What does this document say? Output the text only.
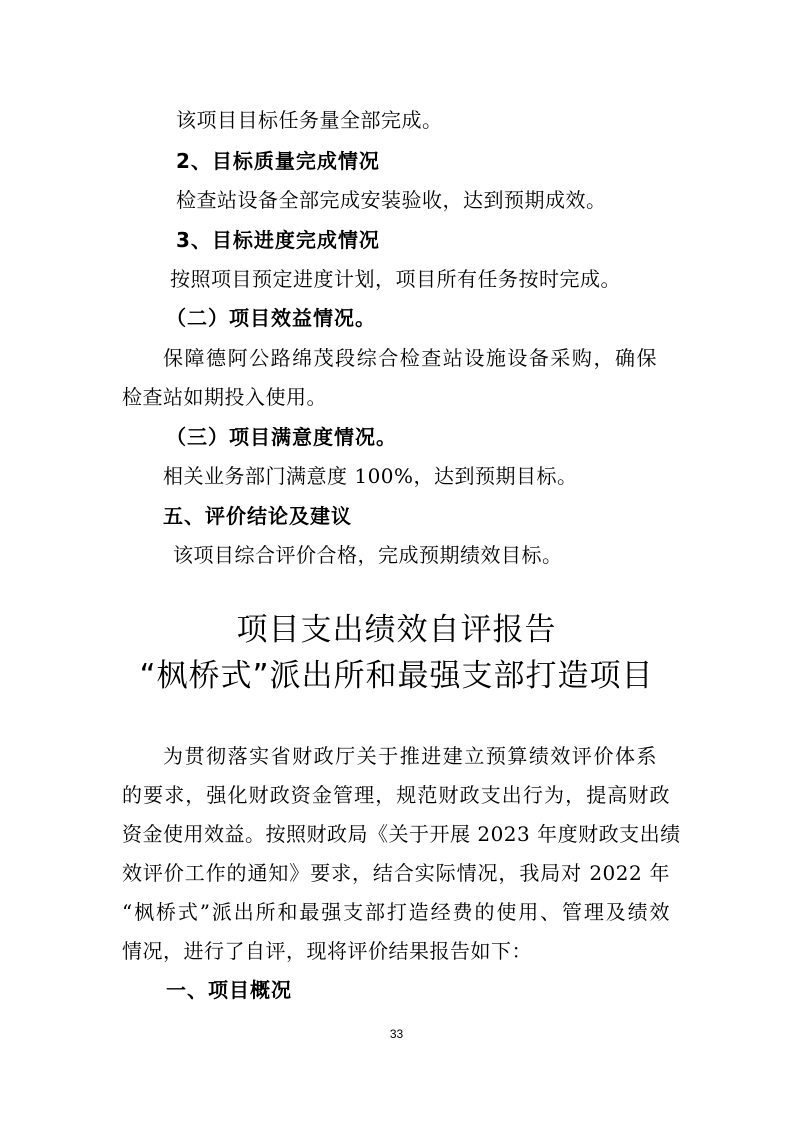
该项目目标任务量全部完成。
2、目标质量完成情况
检查站设备全部完成安装验收，达到预期成效。
3、目标进度完成情况
按照项目预定进度计划，项目所有任务按时完成。
（二）项目效益情况。
保障德阿公路绵茂段综合检查站设施设备采购，确保
检查站如期投入使用。
（三）项目满意度情况。
相关业务部门满意度 100%，达到预期目标。
五、评价结论及建议
该项目综合评价合格，完成预期绩效目标。
项目支出绩效自评报告
“枫桥式”派出所和最强支部打造项目
为贯彻落实省财政厅关于推进建立预算绩效评价体系
的要求，强化财政资金管理，规范财政支出行为，提高财政
资金使用效益。按照财政局《关于开展 2023 年度财政支出绩
效评价工作的通知》要求，结合实际情况，我局对 2022 年
“枫桥式”派出所和最强支部打造经费的使用、管理及绩效
情况，进行了自评，现将评价结果报告如下：
一、项目概况
33
